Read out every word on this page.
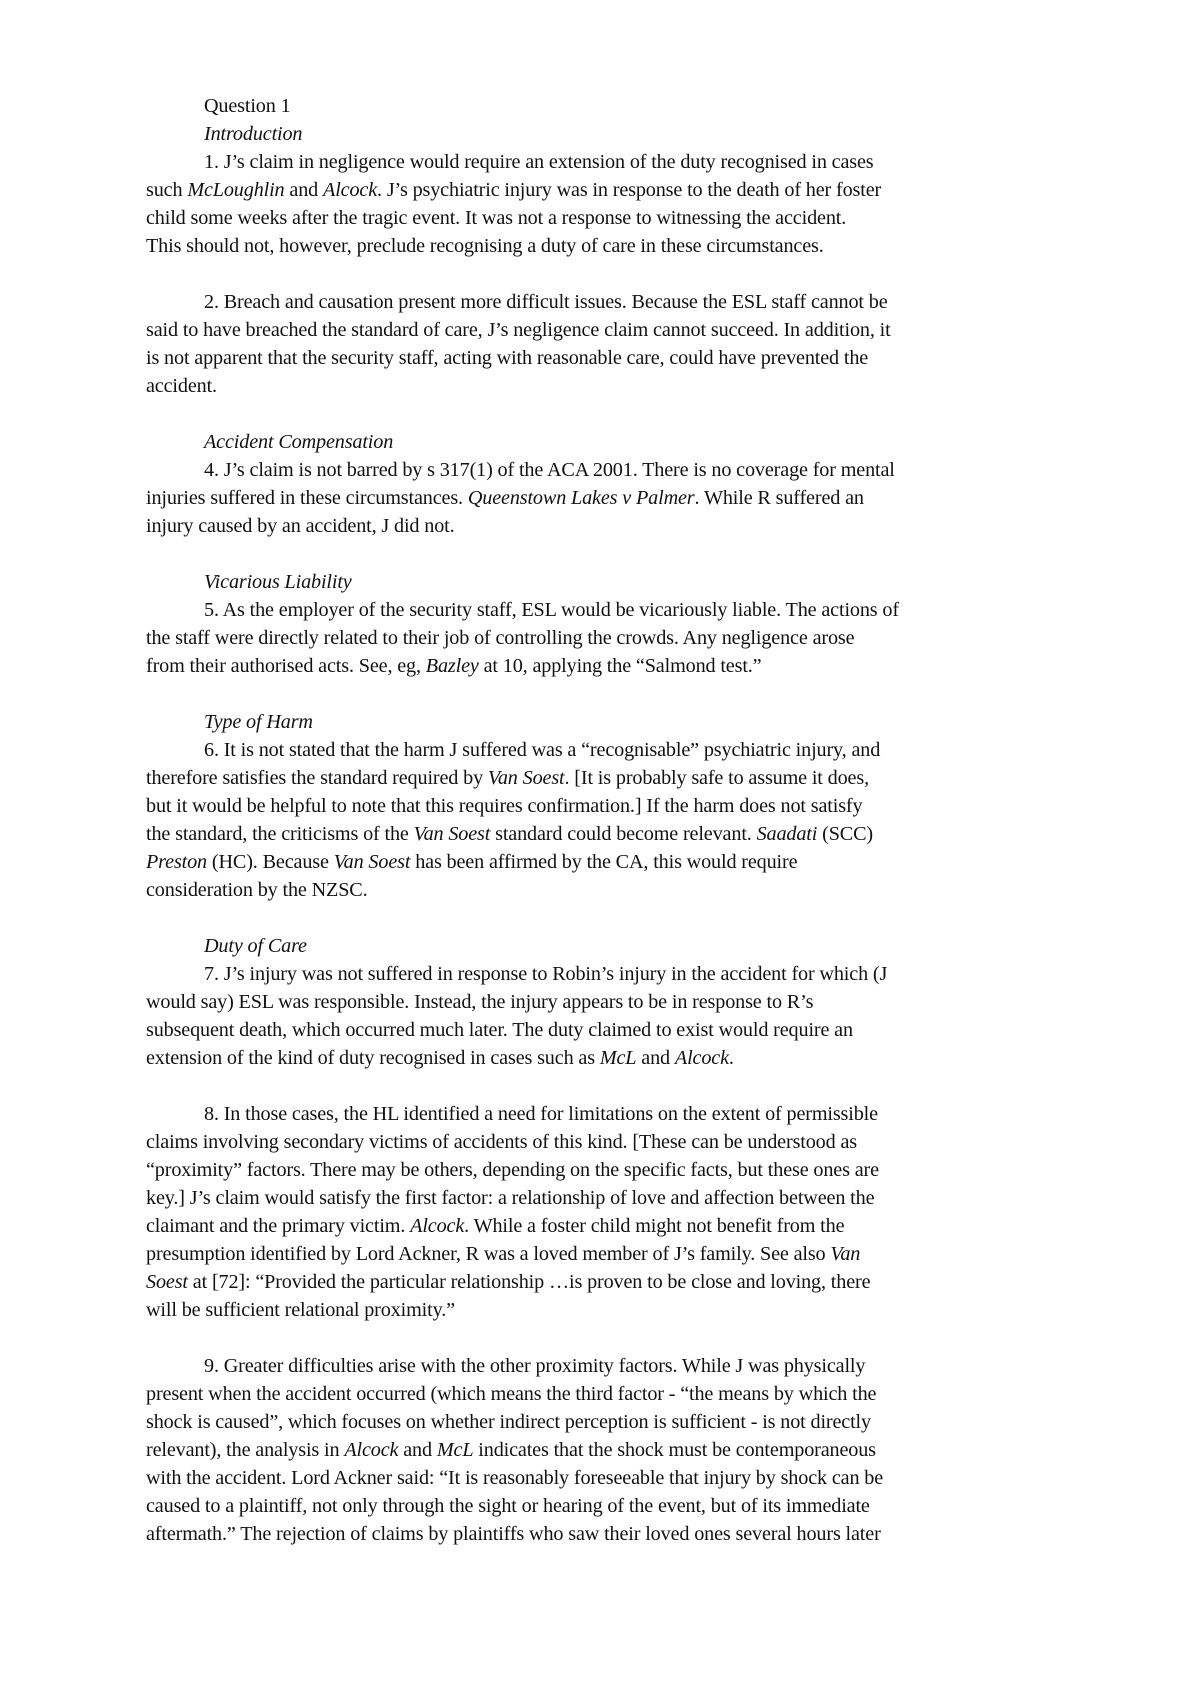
Question 1

Introduction

1. J’s claim in negligence would require an extension of the duty recognised in cases
such McLoughlin and Alcock. J’s psychiatric injury was in response to the death of her foster
child some weeks after the tragic event. It was not a response to witnessing the accident.
This should not, however, preclude recognising a duty of care in these circumstances.

2. Breach and causation present more difficult issues. Because the ESL staff cannot be
said to have breached the standard of care, J’s negligence claim cannot succeed. In addition, it
is not apparent that the security staff, acting with reasonable care, could have prevented the
accident.

Accident Compensation

4. J’s claim is not barred by s 317(1) of the ACA 2001. There is no coverage for mental
injuries suffered in these circumstances. Queenstown Lakes v Palmer. While R suffered an
injury caused by an accident, J did not.

Vicarious Liability

5. As the employer of the security staff, ESL would be vicariously liable. The actions of
the staff were directly related to their job of controlling the crowds. Any negligence arose
from their authorised acts. See, eg, Bazley at 10, applying the “Salmond test.”

Type of Harm

6. It is not stated that the harm J suffered was a “recognisable” psychiatric injury, and
therefore satisfies the standard required by Van Soest. [It is probably safe to assume it does,
but it would be helpful to note that this requires confirmation.] If the harm does not satisfy
the standard, the criticisms of the Van Soest standard could become relevant. Saadati (SCC)
Preston (HC). Because Van Soest has been affirmed by the CA, this would require
consideration by the NZSC.

Duty of Care

7. J’s injury was not suffered in response to Robin’s injury in the accident for which (J
would say) ESL was responsible. Instead, the injury appears to be in response to R’s
subsequent death, which occurred much later. The duty claimed to exist would require an
extension of the kind of duty recognised in cases such as McL and Alcock.

8. In those cases, the HL identified a need for limitations on the extent of permissible
claims involving secondary victims of accidents of this kind. [These can be understood as
“proximity” factors. There may be others, depending on the specific facts, but these ones are
key.] J’s claim would satisfy the first factor: a relationship of love and affection between the
claimant and the primary victim. Alcock. While a foster child might not benefit from the
presumption identified by Lord Ackner, R was a loved member of J’s family. See also Van
Soest at [72]: “Provided the particular relationship …is proven to be close and loving, there
will be sufficient relational proximity.”

9. Greater difficulties arise with the other proximity factors. While J was physically
present when the accident occurred (which means the third factor - “the means by which the
shock is caused”, which focuses on whether indirect perception is sufficient - is not directly
relevant), the analysis in Alcock and McL indicates that the shock must be contemporaneous
with the accident. Lord Ackner said: “It is reasonably foreseeable that injury by shock can be
caused to a plaintiff, not only through the sight or hearing of the event, but of its immediate
aftermath.” The rejection of claims by plaintiffs who saw their loved ones several hours later
